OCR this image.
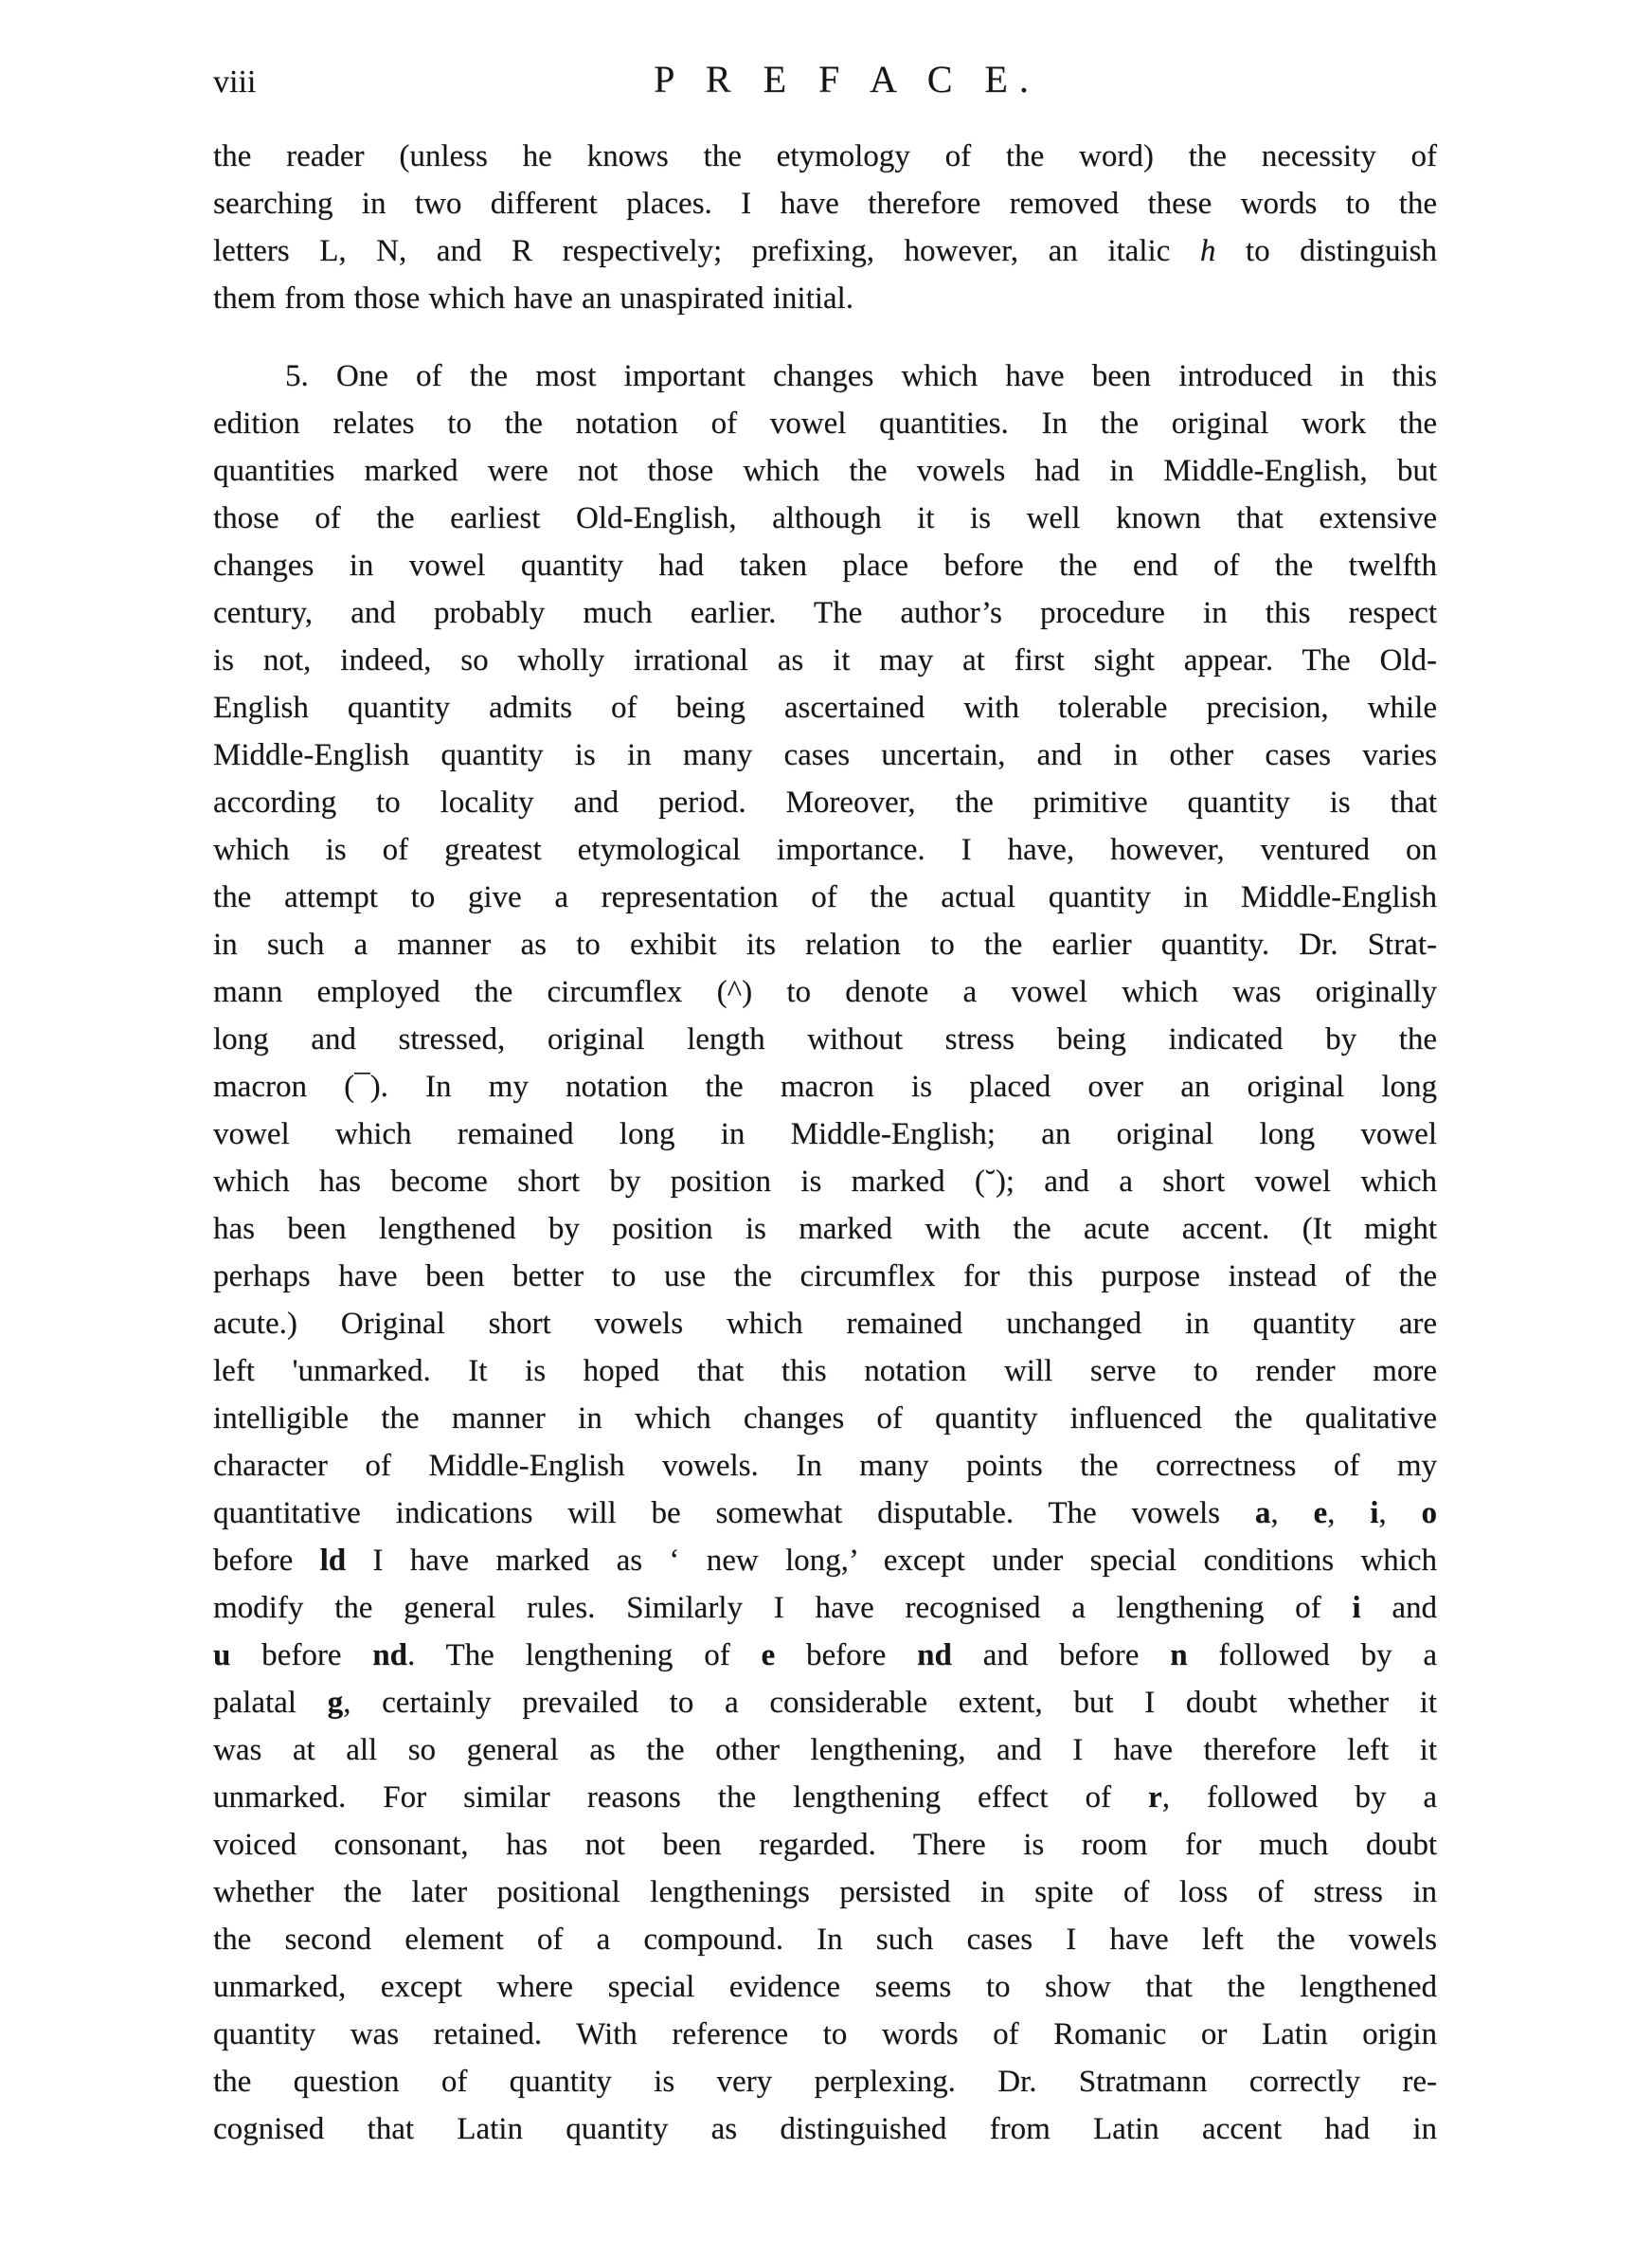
viii	P R E F A C E.
the reader (unless he knows the etymology of the word) the necessity of
searching in two different places. I have therefore removed these words to the
letters L, N, and R respectively; prefixing, however, an italic h to distinguish
them from those which have an unaspirated initial.
5. One of the most important changes which have been introduced in this
edition relates to the notation of vowel quantities. In the original work the
quantities marked were not those which the vowels had in Middle-English, but
those of the earliest Old-English, although it is well known that extensive
changes in vowel quantity had taken place before the end of the twelfth
century, and probably much earlier. The author’s procedure in this respect
is not, indeed, so wholly irrational as it may at first sight appear. The Old-
English quantity admits of being ascertained with tolerable precision, while
Middle-English quantity is in many cases uncertain, and in other cases varies
according to locality and period. Moreover, the primitive quantity is that
which is of greatest etymological importance. I have, however, ventured on
the attempt to give a representation of the actual quantity in Middle-English
in such a manner as to exhibit its relation to the earlier quantity. Dr. Strat-
mann employed the circumflex (^) to denote a vowel which was originally
long and stressed, original length without stress being indicated by the
macron (¯). In my notation the macron is placed over an original long
vowel which remained long in Middle-English; an original long vowel
which has become short by position is marked (˘); and a short vowel which
has been lengthened by position is marked with the acute accent. (It might
perhaps have been better to use the circumflex for this purpose instead of the
acute.) Original short vowels which remained unchanged in quantity are
left 'unmarked. It is hoped that this notation will serve to render more
intelligible the manner in which changes of quantity influenced the qualitative
character of Middle-English vowels. In many points the correctness of my
quantitative indications will be somewhat disputable. The vowels a, e, i, o
before ld I have marked as ‘ new long,’ except under special conditions which
modify the general rules. Similarly I have recognised a lengthening of i and
u before nd. The lengthening of e before nd and before n followed by a
palatal g, certainly prevailed to a considerable extent, but I doubt whether it
was at all so general as the other lengthening, and I have therefore left it
unmarked. For similar reasons the lengthening effect of r, followed by a
voiced consonant, has not been regarded. There is room for much doubt
whether the later positional lengthenings persisted in spite of loss of stress in
the second element of a compound. In such cases I have left the vowels
unmarked, except where special evidence seems to show that the lengthened
quantity was retained. With reference to words of Romanic or Latin origin
the question of quantity is very perplexing. Dr. Stratmann correctly re-
cognised that Latin quantity as distinguished from Latin accent had in
